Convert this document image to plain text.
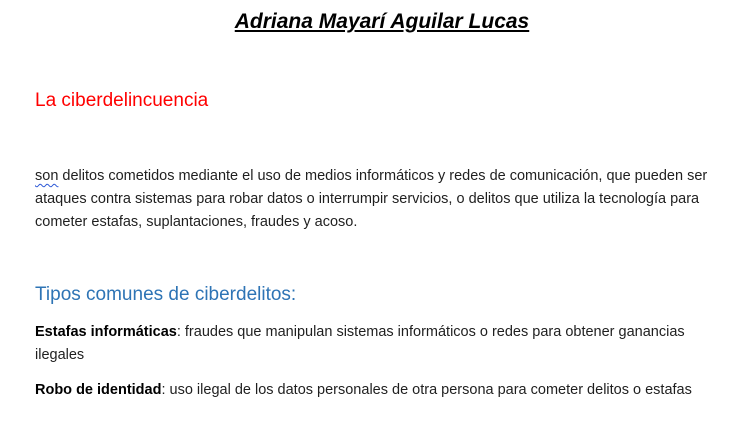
Adriana Mayarí Aguilar Lucas
La ciberdelincuencia

son delitos cometidos mediante el uso de medios informáticos y redes de comunicación, que pueden ser ataques contra sistemas para robar datos o interrumpir servicios, o delitos que utiliza la tecnología para cometer estafas, suplantaciones, fraudes y acoso.

Tipos comunes de ciberdelitos:

Estafas informáticas: fraudes que manipulan sistemas informáticos o redes para obtener ganancias ilegales

Robo de identidad: uso ilegal de los datos personales de otra persona para cometer delitos o estafas
